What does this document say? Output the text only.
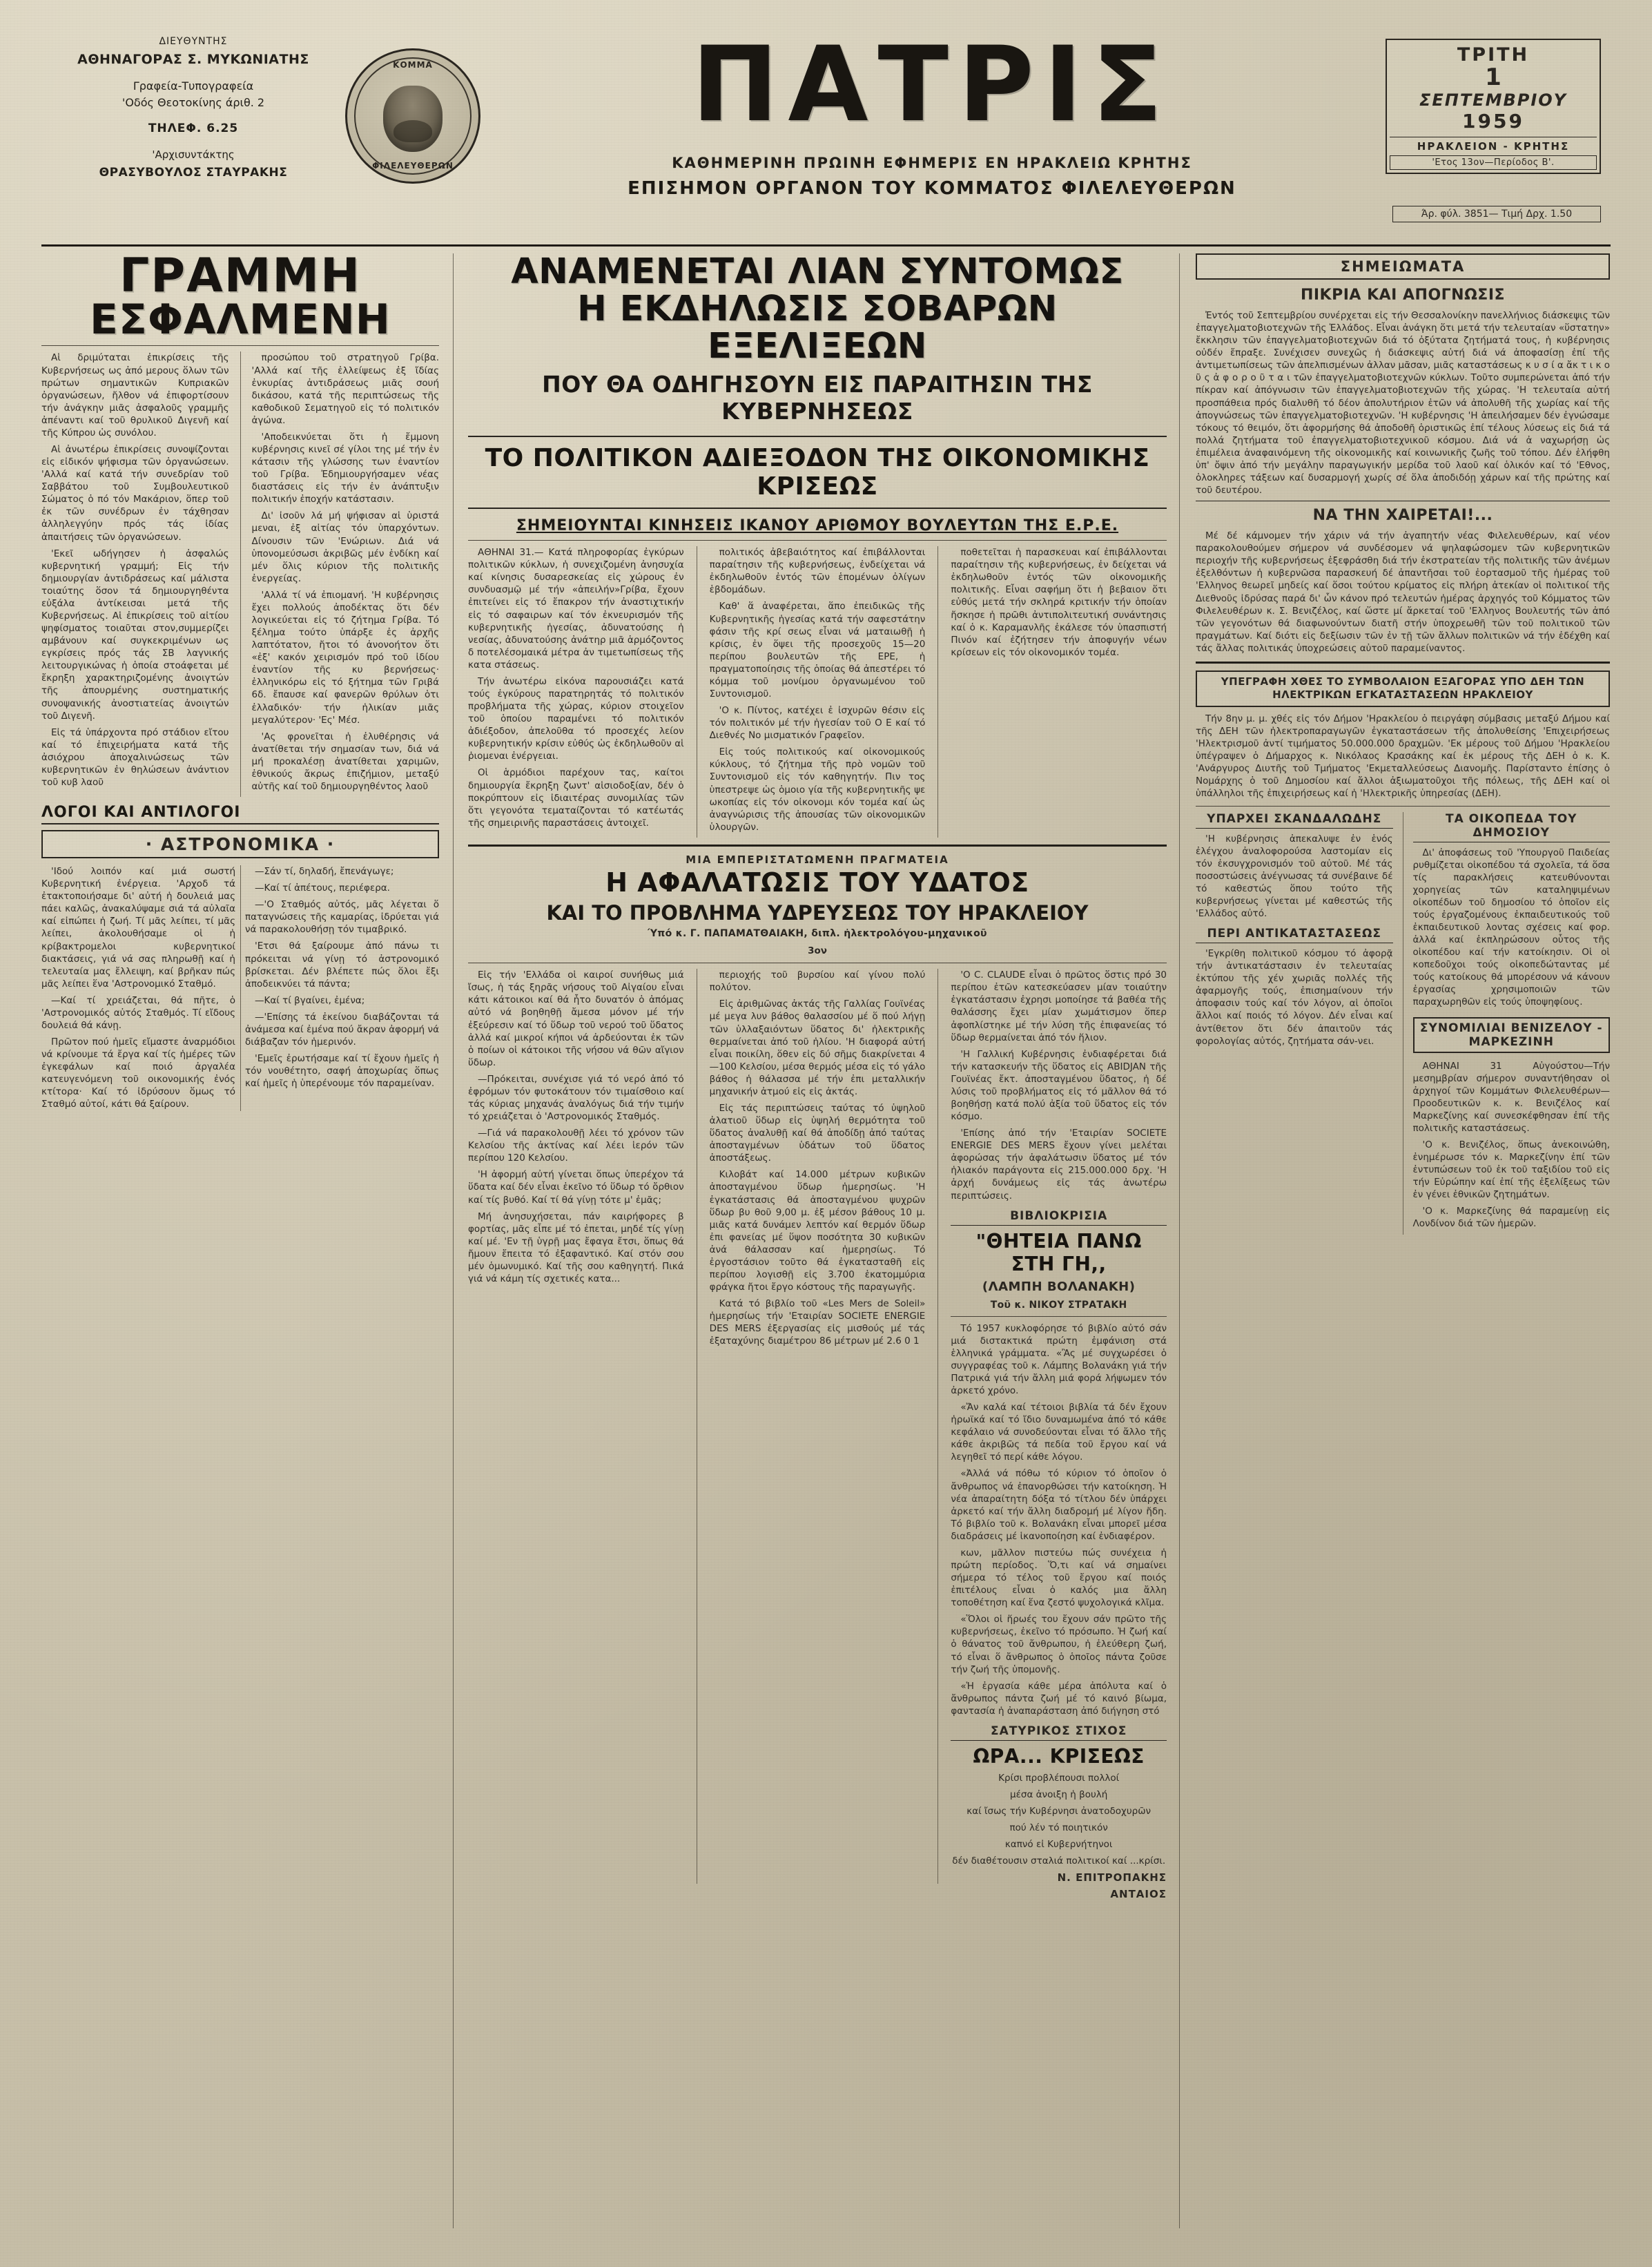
ΔΙΕΥΘΥΝΤΗΣ
ΑΘΗΝΑΓΟΡΑΣ Σ. ΜΥΚΩΝΙΑΤΗΣ
Γραφεία-Τυπογραφεία
'Οδός Θεοτοκίνης άριθ. 2
ΤΗΛΕΦ. 6.25
'Αρχισυντάκτης
ΘΡΑΣΥΒΟΥΛΟΣ ΣΤΑΥΡΑΚΗΣ
ΚΟΜΜΑ
ΦΙΛΕΛΕΥΘΕΡΩΝ
ΠΑΤΡΙΣ
ΚΑΘΗΜΕΡΙΝΗ ΠΡΩΙΝΗ ΕΦΗΜΕΡΙΣ ΕΝ ΗΡΑΚΛΕΙΩ ΚΡΗΤΗΣ
ΕΠΙΣΗΜΟΝ ΟΡΓΑΝΟΝ ΤΟΥ ΚΟΜΜΑΤΟΣ ΦΙΛΕΛΕΥΘΕΡΩΝ
ΤΡΙΤΗ
1
ΣΕΠΤΕΜΒΡΙΟΥ
1959
ΗΡΑΚΛΕΙΟΝ - ΚΡΗΤΗΣ
'Ετος 13ον—Περίοδος Β'.
Άρ. φύλ. 3851— Τιμή Δρχ. 1.50
ΓΡΑΜΜΗ
ΕΣΦΑΛΜΕΝΗ

Αἱ δριμύταται ἐπικρίσεις τῆς Κυβερνήσεως ως ἀπό μερους ὅλων τῶν πρώτων σημαντικῶν Κυπριακῶν ὀργανώσεων, ἤλθον νά ἐπιφορτίσουν τήν ἀνάγκην μιᾶς ἀσφαλοῦς γραμμῆς ἀπέναντι καί τοῦ θρυλικοῦ Διγενῆ καί τῆς Κύπρου ὡς συνόλου.

Αἱ ἀνωτέρω ἐπικρίσεις συνοψίζονται εἰς εἰδικόν ψήφισμα τῶν ὀργανώσεων. 'Αλλά καί κατά τήν συνεδρίαν τοῦ Σαββάτου τοῦ Συμβουλευτικοῦ Σώματος ὁ πό τόν Μακάριον, ὅπερ τοῦ ἐκ τῶν συνέδρων ἐν τάχθησαν ἀλληλεγγύην πρός τάς ἰδίας ἀπαιτήσεις τῶν ὀργανώσεων.

'Εκεῖ ωδήγησεν ἡ ἀσφαλώς κυβερνητική γραμμή; Εἰς τήν δημιουργίαν ἀντιδράσεως καί μάλιστα τοιαύτης ὅσον τά δημιουργηθέντα εὐξάλα ἀντίκεισαι μετά τῆς Κυβερνήσεως. Αἱ ἐπικρίσεις τοῦ αἰτίου ψηφίσματος τοιαῦται στον,συμμερίζει αμβάνουν καί συγκεκριμένων ως εγκρίσεις πρός τάς ΣΒ λαγνικής λειτουργικώνας ἡ ὁποία στοάφεται μέ ἔκρηξη χαρακτηριζομένης ἀνοιγτών τῆς ἀπουρμένης συστηματικής συνοψανικής ἀνοστιατείας ἀνοιγτών τοῦ Διγενῆ.

Εἰς τά ὑπάρχοντα πρό στάδιον εἴτου καί τό ἐπιχειρήματα κατά τῆς ἀσιόχρου ἀποχαλινώσεως τῶν κυβερνητικῶν ἐν θηλώσεων ἀνάντιον τοῦ κυβ λαοῦ

προσώπου τοῦ στρατηγοῦ Γρίβα. 'Αλλά καί τῆς ἐλλείψεως ἐξ ἴδίας ἐνκυρίας ἀντιδράσεως μιᾶς σουή δικάσου, κατά τῆς περιπτώσεως τῆς καθοδικοῦ Σεματηγοῦ εἰς τό πολιτικόν ἀγώνα.

'Αποδεικνύεται ὅτι ἡ ἔμμονη κυβέρνησις κινεῖ σέ γίλοι της μέ τήν ἐν κάτασιν τῆς γλώσσης των ἐναντίον τοῦ Γρίβα. Ἐδημιουργήσαμεν νέας διαστάσεις εἰς τήν ἐν ἀνάπτυξιν πολιτικήν ἐποχήν κατάστασιν.

Δι' ἰσοῦν λά μή ψήφισαν αἱ ὑριστά μεναι, ἐξ αἰτίας τόν ὑπαρχόντων. Δίνουσιν τῶν 'Ενώριων. Διά νά ὑπονομεύσωσι ἀκριβῶς μέν ἐνδίκη καί μέν ὅλις κύριον τῆς πολιτικῆς ἐνεργείας.

'Αλλά τί νά ἐπιομανή. 'Η κυβέρνησις ἔχει πολλούς ἀποδέκτας ὅτι δέν λογικεύεται εἰς τό ζήτημα Γρίβα. Τό ξέλημα τούτο ὑπάρξε ἐς ἀρχῆς λαπτότατον, ἤτοι τό ἀνονοήτον ὅτι «ἐξ' κακόν χειρισμόν πρό τοῦ ἰδίου ἐναντίον τῆς κυ βερνήσεως· ἐλληνικόρω εἰς τό ξήτημα τῶν Γριβά 6δ. ἔπαυσε καί φανερῶν θρύλων ὁτι ἐλλαδικόν· τήν ἡλικίαν μιᾶς μεγαλύτερον· 'Ες' Μέσ.

'Ας φρονεῖται ἡ ἐλυθέρησις νά ἀνατίθεται τήν σημασίαν των, διά νά μή προκαλέσῃ ἀνατίθεται χαριμῶν, ἐθνικούς ἄκρως ἐπιζήμιον, μεταξύ αὐτῆς καί τοῦ δημιουργηθέντος λαοῦ

ΛΟΓΟΙ ΚΑΙ ΑΝΤΙΛΟΓΟΙ
· ΑΣΤΡΟΝΟΜΙΚΑ ·

'Ιδού λοιπόν καί μιά σωστή Κυβερνητική ἐνέργεια. 'Αρχοδ τά ἐτακτοποιήσαμε δι' αὐτή ἡ δουλειά μας πάει καλῶς, ἀνακαλύψαμε σιά τά αὐλαῖα καί εἰπώπει ἡ ζωή. Τί μᾶς λείπει, τί μᾶς λείπει, ἀκολουθήσαμε οἱ ἡ κρίβακτρομελοι κυβερνητικοί διακτάσεις, γιά νά σας πληρωθῇ καί ἡ τελευταία μας ἔλλειψη, καί βρῆκαν πώς μᾶς λείπει ἕνα 'Αστρονομικό Σταθμό.

—Καί τί χρειάζεται, θά πῆτε, ὁ 'Αστρονομικός αὐτός Σταθμός. Τί εἴδους δουλειά θά κάνῃ.

Πρῶτον πού ἡμεῖς εἴμαστε ἀναρμόδιοι νά κρίνουμε τά ἔργα καί τίς ἡμέρες τῶν ἐγκεφάλων καί ποιό ἀργαλέα κατευγενόμενη τοῦ οικονομικής ἐνός κτίτορα· Καί τό ἰδρύσουν ὅμως τό Σταθμό αὐτοί, κάτι θά ξαίρουν.

—Σάν τί, δηλαδή, ἔπενάγωγε;

—Καί τί ἀπέτους, περιέφερα.

—'Ο Σταθμός αὐτός, μᾶς λέγεται ὅ παταγνώσεις τῆς καμαρίας, ἰδρύεται γιά νά παρακολουθήσῃ τόν τιμαβρικό.

'Ετσι θά ξαίρουμε ἀπό πάνω τι πρόκειται νά γίνῃ τό ἀστρονομικό βρίσκεται. Δέν βλέπετε πώς ὅλοι ἔξι ἀποδεικνύει τά πάντα;

—Καί τί βγαίνει, ἐμένα;

—'Επίσης τά ἐκείνου διαβάζονται τά ἀνάμεσα καί ἐμένα πού ἄκραν ἀφορμή νά διάβαζαν τόν ἡμερινόν.

'Εμεῖς ἐρωτήσαμε καί τί ἔχουν ἡμεῖς ἡ τόν νουθέτητο, σαφή ἀποχωρίας ὅπως καί ἡμεῖς ἡ ὑπερένουμε τόν παραμείναν.

ΑΝΑΜΕΝΕΤΑΙ ΛΙΑΝ ΣΥΝΤΟΜΩΣ
Η ΕΚΔΗΛΩΣΙΣ ΣΟΒΑΡΩΝ ΕΞΕΛΙΞΕΩΝ
ΠΟΥ ΘΑ ΟΔΗΓΗΣΟΥΝ ΕΙΣ ΠΑΡΑΙΤΗΣΙΝ ΤΗΣ ΚΥΒΕΡΝΗΣΕΩΣ
ΤΟ ΠΟΛΙΤΙΚΟΝ ΑΔΙΕΞΟΔΟΝ ΤΗΣ ΟΙΚΟΝΟΜΙΚΗΣ ΚΡΙΣΕΩΣ
ΣΗΜΕΙΟΥΝΤΑΙ ΚΙΝΗΣΕΙΣ ΙΚΑΝΟΥ ΑΡΙΘΜΟΥ ΒΟΥΛΕΥΤΩΝ ΤΗΣ Ε.Ρ.Ε.

ΑΘΗΝΑΙ 31.— Κατά πληροφορίας ἐγκύρων πολιτικῶν κύκλων, ἡ συνεχιζομένη ἀνησυχία καί κίνησις δυσαρεσκείας εἰς χώρους ἐν συνδυασμῷ μέ τήν «ἀπειλήν»Γρίβα, ἔχουν ἐπιτείνει εἰς τό ἔπακρον τήν ἀναστιχτικήν εἰς τό σαφαιρων καί τόν ἐκνευρισμόν τῆς κυβερνητικῆς ἡγεσίας, ἀδυνατούσης ἡ νεσίας, ἀδυνατούσης ἀνάτηρ μιᾶ ἁρμόζοντος δ ποτελέσομαικά μέτρα ἀν τιμετωπίσεως τῆς κατα στάσεως.

Τήν ἀνωτέρω εἰκόνα παρουσιάζει κατά τούς ἐγκύρους παρατηρητάς τό πολιτικόν προβλήματα τῆς χώρας, κύριον στοιχεῖον τοῦ ὁποίου παραμένει τό πολιτικόν ἀδιέξοδον, ἀπελοῦθα τό προσεχές λείον κυβερνητικήν κρίσιν εὐθύς ὡς ἐκδηλωθοῦν αἱ ῥιομεναι ἐνέργειαι.

Οἱ ἁρμόδιοι παρέχουν τας, καίτοι δημιουργία ἔκρηξη ζωντ' αἱσιοδοξίαν, δέν ὁ ποκρύπτουν εἰς ἰδιαιτέρας συνομιλίας τῶν ὅτι γεγονότα τεματαίζονται τό κατέωτάς τῆς σημειρινῆς παραστάσεις ἀντοιχεῖ.

πολιτικός ἀβεβαιότητος καί ἐπιβάλλονται παραίτησιν τῆς κυβερνήσεως, ἐνδείχεται νά ἐκδηλωθοῦν ἐντός τῶν ἑπομένων ὀλίγων ἑβδομάδων.

Καθ' ἅ ἀναφέρεται, ἅπο ἐπειδικῶς τῆς Κυβερνητικῆς ἡγεσίας κατά τήν σαφεστάτην φάσιν τῆς κρί σεως εἶναι νά ματαιωθῇ ἡ κρίσις, ἐν ὅψει τῆς προσεχοῦς 15—20 περίπου βουλευτῶν τῆς ΕΡΕ, ἡ πραγματοποίησις τῆς ὁποίας θά ἀπεστέρει τό κόμμα τοῦ μονίμου ὀργανωμένου τοῦ Συντονισμοῦ.

'Ο κ. Πίντος, κατέχει ἐ ἰσχυρῶν θέσιν εἰς τόν πολιτικόν μέ τήν ἡγεσίαν τοῦ Ο Ε καί τό Διεθνές Νο μισματικόν Γραφεῖον.

Εἰς τούς πολιτικούς καί οἰκονομικούς κύκλους, τό ζήτημα τῆς πρὸ νομῶν τοῦ Συντονισμοῦ εἰς τόν καθηγητήν. Πιν τος ὑπεστρεψε ὡς ὁμοιο γία τῆς κυβερνητικῆς ψε ωκοπίας εἰς τόν οἰκονομι κόν τομέα καί ὡς ἀναγνώρισις τῆς ἀπουσίας τῶν οἰκονομικῶν ὑλουργῶν.

ποθετεῖται ἡ παρασκευαι καί ἐπιβάλλονται παραίτησιν τῆς κυβερνήσεως, ἐν δείχεται νά ἐκδηλωθοῦν ἐντός τῶν οἰκονομικῆς πολιτικῆς. Εἶναι σαφήμη ὅτι ἡ βεβαιον ὅτι εὐθύς μετά τήν σκληρά κριτικήν τήν ὁποίαν ἤσκησε ἡ πρῶθι ἀντιπολιτευτική συνάντησις καί ὁ κ. Καραμανλῆς ἐκάλεσε τόν ὑπασπιστή Πινόν καί ἐζήτησεν τήν ἀποφυγήν νέων κρίσεων εἰς τόν οἰκονομικόν τομέα.

ΜΙΑ ΕΜΠΕΡΙΣΤΑΤΩΜΕΝΗ ΠΡΑΓΜΑΤΕΙΑ
Η ΑΦΑΛΑΤΩΣΙΣ ΤΟΥ ΥΔΑΤΟΣ
ΚΑΙ ΤΟ ΠΡΟΒΛΗΜΑ ΥΔΡΕΥΣΕΩΣ ΤΟΥ ΗΡΑΚΛΕΙΟΥ
Ύπό κ. Γ. ΠΑΠΑΜΑΤΘΑΙΑΚΗ, διπλ. ἠλεκτρολόγου-μηχανικοῦ
3ον

Εἰς τήν 'Ελλάδα οἱ καιροί συνήθως μιά ἴσως, ἡ τάς ξηρᾶς νήσους τοῦ Αἰγαίου εἶναι κάτι κάτοικοι καί θά ἦτο δυνατόν ὁ ἀπόμας αὐτό νά βοηθηθῇ ἄμεσα μόνον μέ τήν ἐξεύρεσιν καί τό ὕδωρ τοῦ νερού τοῦ ὕδατος ἀλλά καί μικροί κήποι νά ἀρδεύονται ἐκ τῶν ὁ ποίων οἱ κάτοικοι τῆς νήσου νά θῶν αἴγιον ὕδωρ.

—Πρόκειται, συνέχισε γιά τό νερό ἀπό τό ἐφρόμων τόν φυτοκάτουν τόν τιμαίσθοιο καί τάς κύριας μηχανάς ἀναλόγως διά τήν τιμήν τό χρειάζεται ὁ 'Αστρονομικός Σταθμός.

—Γιά νά παρακολουθῇ λέει τό χρόνον τῶν Κελσίου τῆς ἀκτίνας καί λέει ἱερόν τῶν περίπου 120 Κελσίου.

'Η ἀφορμή αὐτή γίνεται ὅπως ὑπερέχον τά ὕδατα καί δέν εἶναι ἐκεῖνο τό ὕδωρ τό ὄρθιον καί τίς βυθό. Καί τί θά γίνῃ τότε μ' ἐμᾶς;

Μή ἀνησυχήσεται, πάν καιρήφορες β φορτίας, μᾶς εἶπε μέ τό ἐπεται, μηδέ τίς γίνῃ καί μέ. 'Εν τῇ ὑγρῇ μας ἔφαγα ἔτσι, ὅπως θά ἤμουν ἔπειτα τό ἐξαφαντικό. Καί στόν σου μέν ὁμωνυμικό. Καί τῆς σου καθηγητή. Πικά γιά νά κάμη τίς σχετικές κατα...

περιοχής τοῦ βυρσίου καί γίνου πολύ πολύτον.

Εἰς ἀριθμῶνας ἀκτάς τῆς Γαλλίας Γουϊνέας μέ μεγα λυν βάθος θαλασσίου μέ ὅ πού λήγῃ τῶν ὑλλαξαιόντων ὕδατος δι' ἠλεκτρικῆς θερμαίνεται ἀπό τοῦ ἡλίου. 'Η διαφορά αὐτή εἶναι ποικίλη, ὅθεν εἰς δύ σῆμς διακρίνεται 4—100 Κελσίου, μέσα θερμός μέσα εἰς τό γάλο βάθος ἡ θάλασσα μέ τήν ἐπι μεταλλικήν μηχανικήν ἀτμού εἰς εἰς ἀκτάς.

Εἰς τάς περιπτώσεις ταύτας τό ὑψηλοῦ ἀλατιοῦ ὕδωρ εἰς ὑψηλή θερμότητα τοῦ ὕδατος ἀναλυθῇ καί θά ἀποδίδῃ ἀπό ταύτας ἀποσταγμένων ὑδάτων τοῦ ὕδατος ἀποστάξεως.

Κιλοβάτ καί 14.000 μέτρων κυβικῶν ἀποσταγμένου ὕδωρ ἡμερησίως. 'Η ἐγκατάστασις θά ἀποσταγμένου ψυχρῶν ὕδωρ βυ θοῦ 9,00 μ. ἐξ μέσον βάθους 10 μ. μιᾶς κατά δυνάμεν λεπτόν καί θερμόν ὕδωρ ἐπι φανείας μέ ὕψον ποσότητα 30 κυβικῶν ἀνά θάλασσαν καί ἡμερησίως. Τό ἐργοστάσιον τοῦτο θά ἐγκατασταθῆ εἰς περίπου λογισθῇ εἰς 3.700 ἑκατομμύρια φράγκα ἤτοι ἔργο κόστους τῆς παραγωγῆς.

Κατά τό βιβλίο τοῦ «Les Mers de Soleil» ἡμερησίως τήν 'Εταιρίαν SOCIETE ENERGIE DES MERS ἐξεργασίας εἰς μισθούς μέ τάς ἐξαταχύνης διαμέτρου 86 μέτρων μέ 2.6 0 1

'Ο C. CLAUDE εἶναι ὁ πρῶτος ὅστις πρό 30 περίπου ἐτῶν κατεσκεύασεν μίαν τοιαύτην ἐγκατάστασιν ἐχρησι μοποίησε τά βαθέα τῆς θαλάσσης ἔχει μίαν χωμάτισμον ὅπερ ἀφοπλίστηκε μέ τήν λύση τῆς ἐπιφανείας τό ὕδωρ θερμαίνεται ἀπό τόν ἥλιον.

'Η Γαλλική Κυβέρνησις ἐνδιαφέρεται διά τήν κατασκευήν τῆς ὕδατος εἰς ABIDJAN τῆς Γουϊνέας ἔκτ. ἀποσταγμένου ὕδατος, ἡ δέ λύσις τοῦ προβλήματος εἰς τό μᾶλλον θά τό βοηθήσῃ κατά πολύ ἀξία τοῦ ὕδατος εἰς τόν κόσμο.

'Επίσης ἀπό τήν 'Εταιρίαν SOCIETE ENERGIE DES MERS ἔχουν γίνει μελέται ἀφορώσας τήν ἀφαλάτωσιν ὕδατος μέ τόν ἡλιακόν παράγοντα εἰς 215.000.000 δρχ. 'Η ἀρχή δυνάμεως εἰς τάς ἀνωτέρω περιπτώσεις.

ΒΙΒΛΙΟΚΡΙΣΙΑ
"ΘΗΤΕΙΑ ΠΑΝΩ ΣΤΗ ΓΗ,,
(ΛΑΜΠΗ ΒΟΛΑΝΑΚΗ)
Τοῦ κ. ΝΙΚΟΥ ΣΤΡΑΤΑΚΗ

Τό 1957 κυκλοφόρησε τό βιβλίο αὐτό σάν μιά διστακτικά πρώτη ἐμφάνιση στά ἑλληνικά γράμματα. «Ἂς μέ συγχωρέσει ὁ συγγραφέας τοῦ κ. Λάμπης Βολανάκη γιά τήν Πατρικά γιά τήν ἄλλη μιά φορά λήψωμεν τόν ἀρκετό χρόνο.

«Ἄν καλά καί τέτοιοι βιβλία τά δέν ἔχουν ἡρωϊκά καί τό ἴδιο δυναμωμένα ἀπό τό κάθε κεφάλαιο νά συνοδεύονται εἶναι τό ἄλλο τῆς κάθε ἀκριβῶς τά πεδία τοῦ ἔργου καί νά λεγηθεῖ τό περί κάθε λόγου.

«Ἀλλά νά πόθω τό κύριον τό ὁποῖον ὁ ἄνθρωπος νά ἐπανορθώσει τήν κατοίκηση. Ἡ νέα ἀπαραίτητη δόξα τό τίτλου δέν ὑπάρχει ἀρκετό καί τήν ἄλλη διαδρομή μέ λίγον ἤδη. Τό βιβλίο τοῦ κ. Βολανάκη εἶναι μπορεῖ μέσα διαδράσεις μέ ἱκανοποίηση καί ἐνδιαφέρον.

κων, μᾶλλον πιστεύω πώς συνέχεια ἡ πρώτη περίοδος. Ὅ,τι καί νά σημαίνει σήμερα τό τέλος τοῦ ἔργου καί ποιός ἐπιτέλους εἶναι ὁ καλός μια ἄλλη τοποθέτηση καί ἕνα ζεστό ψυχολογικά κλῖμα.

«Ὅλοι οἱ ἥρωές του ἔχουν σάν πρῶτο τῆς κυβερνήσεως, ἐκεῖνο τό πρόσωπο. Ἡ ζωή καί ὁ θάνατος τοῦ ἄνθρωπου, ἡ ἐλεύθερη ζωή, τό εἶναι ὅ ἄνθρωπος ὁ ὁποῖος πάντα ζοῦσε τήν ζωή τῆς ὑπομονῆς.

«Ἡ ἐργασία κάθε μέρα ἀπόλυτα καί ὁ ἄνθρωπος πάντα ζωή μέ τό καινό βίωμα, φαντασία ἡ ἀναπαράσταση ἀπό διήγηση στό

ΣΑΤΥΡΙΚΟΣ ΣΤΙΧΟΣ
ΩΡΑ... ΚΡΙΣΕΩΣ

Κρίσι προβλέπουσι πολλοί

μέσα ἀνοιξη ἡ βουλή

καί ἴσως τήν Κυβέρνησι ἀνατοδοχυρῶν

πού λέν τό ποιητικόν

καπνό εἰ Κυβερνήτηνοι

δέν διαθέτουσιν σταλιά πολιτικοί καί ...κρίσι.

Ν. ΕΠΙΤΡΟΠΑΚΗΣ
ΑΝΤΑΙΟΣ
ΣΗΜΕΙΩΜΑΤΑ
ΠΙΚΡΙΑ ΚΑΙ ΑΠΟΓΝΩΣΙΣ

Ἐντός τοῦ Σεπτεμβρίου συνέρχεται εἰς τήν Θεσσαλονίκην πανελλήνιος διάσκεψις τῶν ἐπαγγελματοβιοτεχνῶν τῆς Ἑλλάδος. Εἶναι ἀνάγκη ὅτι μετά τήν τελευταίαν «ὕστατην» ἔκκλησιν τῶν ἐπαγγελματοβιοτεχνῶν διά τό ὀξύτατα ζητήματά τους, ἡ κυβέρνησις οὐδέν ἔπραξε. Συνέχισεν συνεχῶς ἡ διάσκεψις αὐτή διά νά ἀποφασίσῃ ἐπί τῆς ἀντιμετωπίσεως τῶν ἀπελπισμένων ἀλλαν μᾶσαν, μιᾶς καταστάσεως κ υ σ ί α ἄκ τ ι κ ο ῦ ς ἀ φ ο ρ ο ῦ τ α ι τῶν ἐπαγγελματοβιοτεχνῶν κύκλων. Τοῦτο συμπερώνεται ἀπό τήν πίκραν καί ἀπόγνωσιν τῶν ἐπαγγελματοβιοτεχνῶν τῆς χώρας. 'Η τελευταία αὐτή προσπάθεια πρός διαλυθῆ τό δέον ἀπολυτήριον ἐτῶν νά ἀπολυθῆ τῆς χωρίας καί τῆς ἀπογνώσεως τῶν ἐπαγγελματοβιοτεχνῶν. 'Η κυβέρνησις 'Η ἀπειλήσαμεν δέν ἐγνώσαμε τόκους τό θειμόν, ὅτι ἀφορμήσης θά ἀποδοθῆ ὁριστικῶς ἐπί τέλους λύσεως εἰς διά τά πολλά ζητήματα τοῦ ἐπαγγελματοβιοτεχνικοῦ κόσμου. Διά νά ἀ ναχωρήσῃ ὡς ἐπιμέλεια ἀναφαινόμενη τῆς οἰκονομικῆς καί κοινωνικῆς ζωῆς τοῦ τόπου. Δέν ἐλήφθη ὑπ' ὄψιν ἀπό τήν μεγάλην παραγωγικήν μερίδα τοῦ λαοῦ καί ὁλικόν καί τό 'Εθνος, ὁλοκληρες τάξεων καί δυσαρμογή χωρίς σέ ὅλα ἀποδιδόῃ χάρων καί τῆς πρώτης καί τοῦ δευτέρου.

ΝΑ ΤΗΝ ΧΑΙΡΕΤΑΙ!...

Μέ δέ κάμνομεν τήν χάριν νά τήν ἀγαπητήν νέας Φιλελευθέρων, καί νέον παρακολουθούμεν σήμερον νά συνδέσομεν νά ψηλαφώσομεν τῶν κυβερνητικῶν περιοχήν τῆς κυβερνήσεως ἐξεφράσθη διά τήν ἐκστρατείαν τῆς πολιτικῆς τῶν ἀνέμων ἐξελθόντων ἡ κυβερνῶσα παρασκευή δέ ἀπαντῆσαι τοῦ ἐορτασμοῦ τῆς ἡμέρας τοῦ 'Ελληνος θεωρεῖ μηδείς καί ὅσοι τούτου κρίματος εἰς πλήρη ἀτεκίαν οἱ πολιτικοί τῆς Διεθνοῦς ἰδρύσας παρά δι' ὧν κάνον πρό τελευτών ἡμέρας ἀρχηγός τοῦ Κόμματος τῶν Φιλελευθέρων κ. Σ. Βενιζέλος, καί ὥστε μί ἄρκεταί τοῦ 'Ελληνος Βουλευτής τῶν ἀπό τῶν γεγονότων θά διαφωνούντων διατῆ στήν ὑποχρεωθῆ τῶν τοῦ πολιτικοῦ τῶν πραγμάτων. Καί διότι εἰς δεξίωσιν τῶν ἐν τῇ τῶν ἄλλων πολιτικῶν νά τήν ἐδέχθη καί τάς ἄλλας πολιτικάς ὑποχρεώσεις αὐτοῦ παραμείναντος.

ΥΠΕΓΡΑΦΗ ΧΘΕΣ ΤΟ ΣΥΜΒΟΛΑΙΟΝ ΕΞΑΓΟΡΑΣ ΥΠΟ ΔΕΗ ΤΩΝ ΗΛΕΚΤΡΙΚΩΝ ΕΓΚΑΤΑΣΤΑΣΕΩΝ ΗΡΑΚΛΕΙΟΥ

Τήν 8ην μ. μ. χθές εἰς τόν Δήμον 'Ηρακλείου ὁ πειργάφη σύμβασις μεταξύ Δήμου καί τῆς ΔΕΗ τῶν ἠλεκτροπαραγωγῶν ἐγκαταστάσεων τῆς ἀπολυθείσης 'Επιχειρήσεως 'Ηλεκτρισμοῦ ἀντί τιμήματος 50.000.000 δραχμῶν. 'Εκ μέρους τοῦ Δήμου 'Ηρακλείου ὑπέγραψεν ὁ Δήμαρχος κ. Νικόλαος Κρασάκης καί ἐκ μέρους τῆς ΔΕΗ ὁ κ. Κ. 'Ανάργυρος Διυτῆς τοῦ Τμήματος 'Εκμεταλλεύσεως Διανομῆς. Παρίσταντο ἐπίσης ὁ Νομάρχης ὁ τοῦ Δημοσίου καί ἄλλοι ἀξιωματοῦχοι τῆς πόλεως, τῆς ΔΕΗ καί οἱ ὑπάλληλοι τῆς ἐπιχειρήσεως καί ἡ 'Ηλεκτρικῆς ὑπηρεσίας (ΔΕΗ).

ΥΠΑΡΧΕΙ ΣΚΑΝΔΑΛΩΔΗΣ

'Η κυβέρνησις ἀπεκαλυψε ἐν ἑνός ἐλέγχου ἀναλοφορούσα λαστομίαν εἰς τόν ἐκσυγχρονισμόν τοῦ αὐτοῦ. Μέ τάς ποσοστώσεις ἀνέγνωσας τά συνέβαινε δέ τό καθεστώς ὅπου τούτο τῆς κυβερνήσεως γίνεται μέ καθεστώς τῆς 'Ελλάδος αὐτό.

ΠΕΡΙ ΑΝΤΙΚΑΤΑΣΤΑΣΕΩΣ

'Εγκρίθη πολιτικοῦ κόσμου τό ἀφορᾷ τήν ἀντικατάστασιν ἐν τελευταίας ἐκτύπου τῆς χέν χωριᾶς πολλές τῆς ἀφαρμογῆς τούς, ἐπισημαίνουν τήν ἀποφασιν τούς καί τόν λόγον, αἱ ὁποῖοι ἄλλοι καί ποιός τό λόγον. Δέν εἶναι καί ἀντίθετον ὅτι δέν ἀπαιτοῦν τάς φορολογίας αὐτός, ζητήματα σάν-νει.

ΤΑ ΟΙΚΟΠΕΔΑ ΤΟΥ ΔΗΜΟΣΙΟΥ

Δι' ἀποφάσεως τοῦ 'Υπουργοῦ Παιδείας ρυθμίζεται οἱκοπέδου τά σχολεῖα, τά ὅσα τίς παρακλήσεις κατευθύνονται χορηγείας τῶν καταληψιμένων οἰκοπέδων τοῦ δημοσίου τό ὁποῖον εἰς τούς ἐργαζομένους ἐκπαιδευτικούς τοῦ ἐκπαιδευτικοῦ λοντας σχέσεις καί φορ. ἀλλά καί ἐκπληρώσουν οὗτος τῆς οἱκοπέδου καί τήν κατοίκησιν. Οἱ οἱ κοπεδοῦχοι τούς οἰκοπεδώταντας μέ τούς κατοίκους θά μπορέσουν νά κάνουν ἐργασίας χρησιμοποιῶν τῶν παραχωρηθῶν εἰς τούς ὑποψηφίους.

ΣΥΝΟΜΙΛΙΑΙ ΒΕΝΙΖΕΛΟΥ - ΜΑΡΚΕΖΙΝΗ

ΑΘΗΝΑΙ 31 Αὐγούστου—Τήν μεσημβρίαν σήμερον συναντήθησαν οἱ ἀρχηγοί τῶν Κομμάτων Φιλελευθέρων—Προοδευτικῶν κ. κ. Βενιζέλος καί Μαρκεζίνης καί συνεσκέφθησαν ἐπί τῆς πολιτικῆς καταστάσεως.

'Ο κ. Βενιζέλος, ὅπως ἀνεκοινώθη, ἐνημέρωσε τόν κ. Μαρκεζίνην ἐπί τῶν ἐντυπώσεων τοῦ ἐκ τοῦ ταξιδίου τοῦ εἰς τήν Εὐρώπην καί ἐπί τῆς ἐξελίξεως τῶν ἐν γένει ἐθνικῶν ζητημάτων.

'Ο κ. Μαρκεζίνης θά παραμείνῃ εἰς Λονδίνον διά τῶν ἡμερῶν.
